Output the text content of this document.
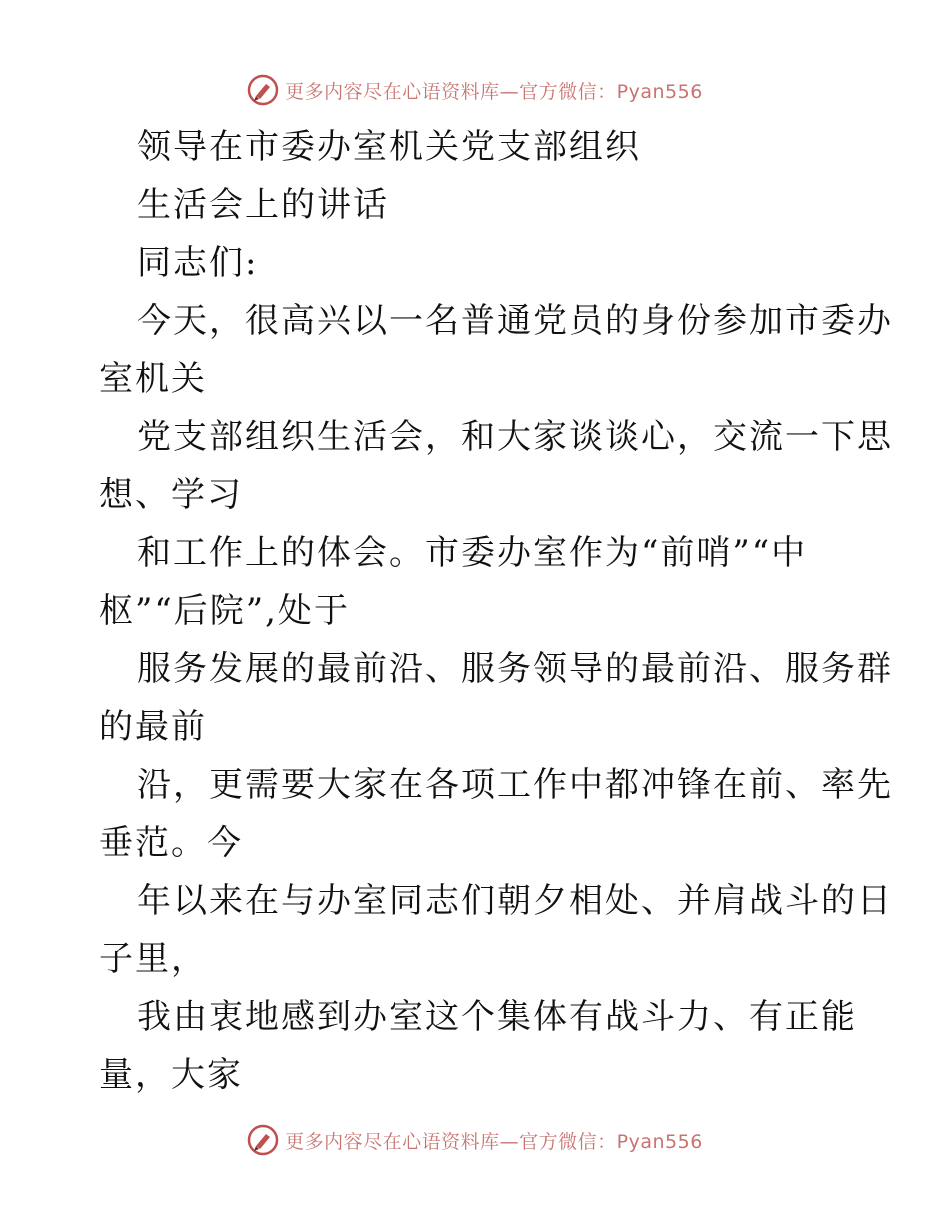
更多内容尽在心语资料库—官方微信：Pyan556
领导在市委办室机关党支部组织
生活会上的讲话
同志们:
今天，很高兴以一名普通党员的身份参加市委办
室机关
党支部组织生活会，和大家谈谈心，交流一下思
想、学习
和工作上的体会。市委办室作为“前哨”“中
枢”“后院”,处于
服务发展的最前沿、服务领导的最前沿、服务群
的最前
沿，更需要大家在各项工作中都冲锋在前、率先
垂范。今
年以来在与办室同志们朝夕相处、并肩战斗的日
子里，
我由衷地感到办室这个集体有战斗力、有正能
量，大家
更多内容尽在心语资料库—官方微信：Pyan556
